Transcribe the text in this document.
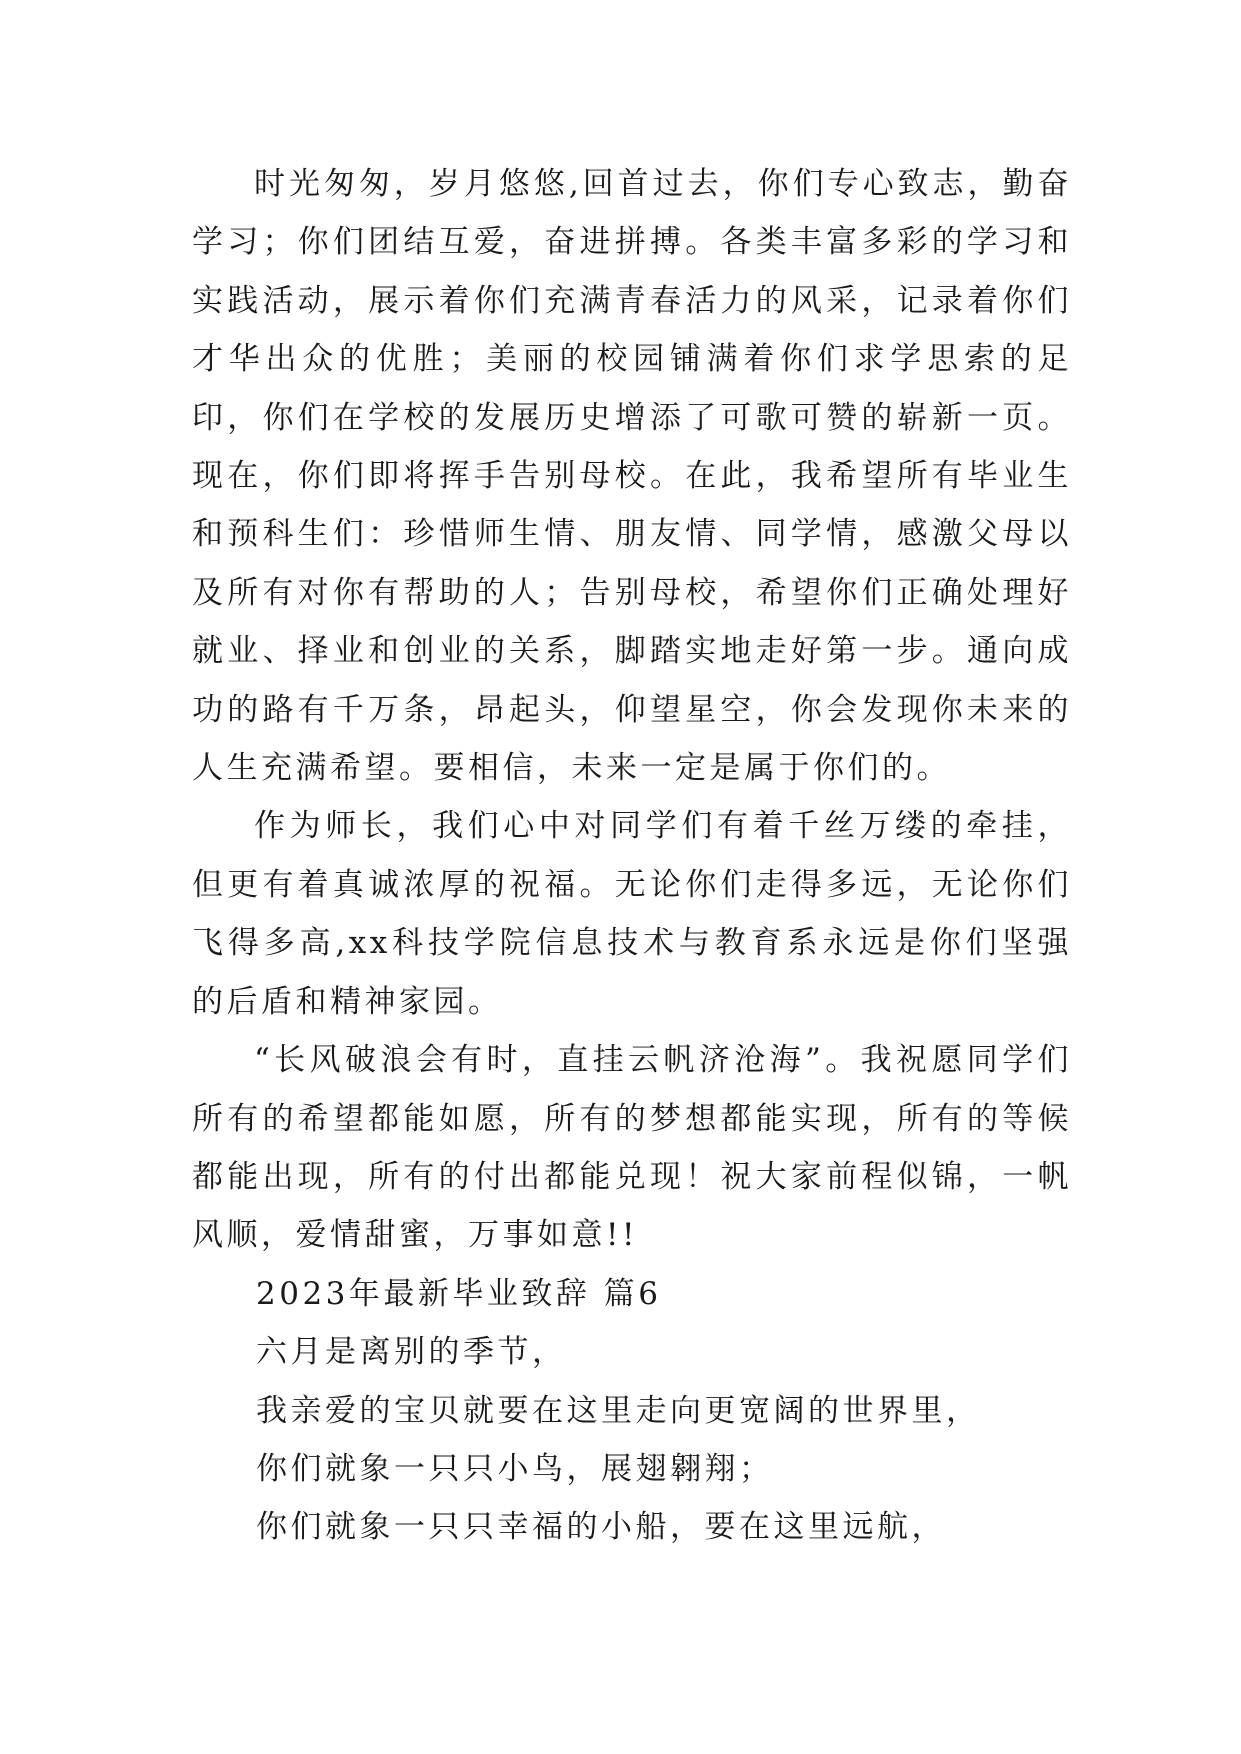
时光匆匆，岁月悠悠,回首过去，你们专心致志，勤奋学习；你们团结互爱，奋进拼搏。各类丰富多彩的学习和实践活动，展示着你们充满青春活力的风采，记录着你们才华出众的优胜；美丽的校园铺满着你们求学思索的足印，你们在学校的发展历史增添了可歌可赞的崭新一页。现在，你们即将挥手告别母校。在此，我希望所有毕业生和预科生们：珍惜师生情、朋友情、同学情，感激父母以及所有对你有帮助的人；告别母校，希望你们正确处理好就业、择业和创业的关系，脚踏实地走好第一步。通向成功的路有千万条，昂起头，仰望星空，你会发现你未来的人生充满希望。要相信，未来一定是属于你们的。

作为师长，我们心中对同学们有着千丝万缕的牵挂，但更有着真诚浓厚的祝福。无论你们走得多远，无论你们飞得多高,xx科技学院信息技术与教育系永远是你们坚强的后盾和精神家园。

“长风破浪会有时，直挂云帆济沧海”。我祝愿同学们所有的希望都能如愿，所有的梦想都能实现，所有的等候都能出现，所有的付出都能兑现！祝大家前程似锦，一帆风顺，爱情甜蜜，万事如意!!

2023年最新毕业致辞 篇6

六月是离别的季节，

我亲爱的宝贝就要在这里走向更宽阔的世界里，

你们就象一只只小鸟，展翅翱翔；

你们就象一只只幸福的小船，要在这里远航，
